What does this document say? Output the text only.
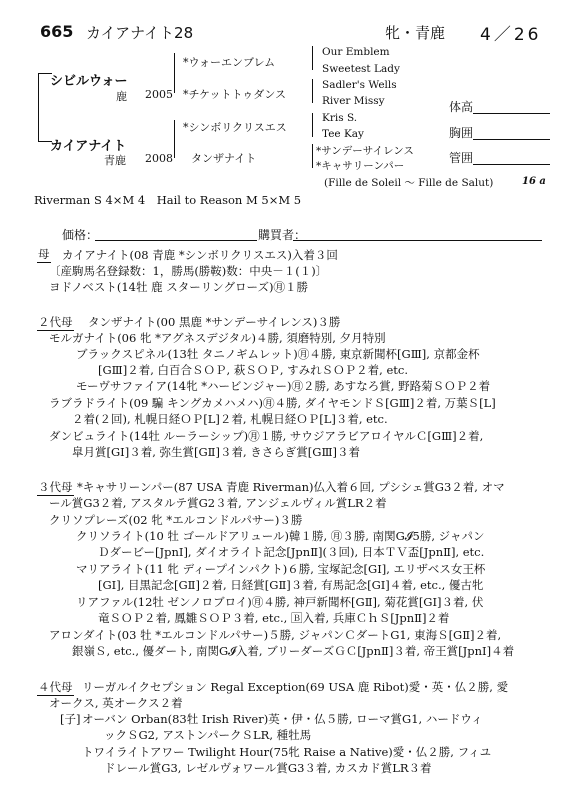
665 カイアナイト28	牝・青鹿 4／26
シビルウォー
鹿 2005
カイアナイト
青鹿 2008
*ウォーエンブレム
*チケットトゥダンス
*シンボリクリスエス
タンザナイト
Our Emblem
Sweetest Lady
Sadler's Wells
River Missy
Kris S.
Tee Kay
*サンデーサイレンス
*キャサリーンパー
(Fille de Soleil 〜 Fille de Salut)	16 a
体高
胸囲
管囲
Riverman S 4×M 4　Hail to Reason M 5×M 5
価格：	購買者：
母 カイアナイト(08 青鹿 *シンボリクリスエス)入着３回
〔産駒馬名登録数：1，勝馬(勝鞍)数：中央－１(１)〕
ヨドノベスト(14牡 鹿 スターリングローズ)㊊１勝
２代母 タンザナイト(00 黒鹿 *サンデーサイレンス)３勝
モルガナイト(06 牝 *アグネスデジタル)４勝, 須磨特別, 夕月特別
ブラックスピネル(13牡 タニノギムレット)㊊４勝, 東京新聞杯[GⅢ], 京都金杯
[GⅢ]２着, 白百合ＳＯＰ, 萩ＳＯＰ, すみれＳＯＰ２着, etc.
モーヴサファイア(14牝 *ハービンジャー)㊊２勝, あすなろ賞, 野路菊ＳＯＰ２着
ラブラドライト(09 騙 キングカメハメハ)㊊４勝, ダイヤモンドＳ[GⅢ]２着, 万葉Ｓ[L]
２着(２回), 札幌日経ＯＰ[L]２着, 札幌日経ＯＰ[L]３着, etc.
ダンビュライト(14牡 ルーラーシップ)㊊１勝, サウジアラビアロイヤルＣ[GⅢ]２着,
皐月賞[GⅠ]３着, 弥生賞[GⅡ]３着, きさらぎ賞[GⅢ]３着
３代母 *キャサリーンパー(87 USA 青鹿 Riverman)仏入着６回, プシシェ賞G3２着, オマ
ール賞G3２着, アスタルテ賞G2３着, アンジェルヴィル賞LR２着
クリソプレーズ(02 牝 *エルコンドルパサー)３勝
クリソライト(10 牡 ゴールドアリュール)韓１勝, ㊊３勝, 南関G𝓘5勝, ジャパン
Ｄダービー[JpnⅠ], ダイオライト記念[JpnⅡ](３回), 日本ＴＶ盃[JpnⅡ], etc.
マリアライト(11 牝 ディープインパクト)６勝, 宝塚記念[GⅠ], エリザベス女王杯
[GⅠ], 目黒記念[GⅡ]２着, 日経賞[GⅡ]３着, 有馬記念[GⅠ]４着, etc., 優古牝
リアファル(12牡 ゼンノロブロイ)㊊４勝, 神戸新聞杯[GⅡ], 菊花賞[GⅠ]３着, 伏
竜ＳＯＰ２着, 鳳雛ＳＯＰ３着, etc., 🄱入着, 兵庫ＣｈＳ[JpnⅡ]２着
アロンダイト(03 牡 *エルコンドルパサー)５勝, ジャパンＣダートG1, 東海Ｓ[GⅡ]２着,
銀嶺Ｓ, etc., 優ダート, 南関G𝓘入着, ブリーダーズＧＣ[JpnⅡ]３着, 帝王賞[JpnⅠ]４着
４代母 リーガルイクセプション Regal Exception(69 USA 鹿 Ribot)愛・英・仏２勝, 愛
オークス, 英オークス２着
[子] オーバン Orban(83牡 Irish River)英・伊・仏５勝, ローマ賞G1, ハードウィ
ックＳG2, アストンパークＳLR, 種牡馬
トワイライトアワー Twilight Hour(75牝 Raise a Native)愛・仏２勝, フィユ
ドレール賞G3, レゼルヴォワール賞G3３着, カスカド賞LR３着
